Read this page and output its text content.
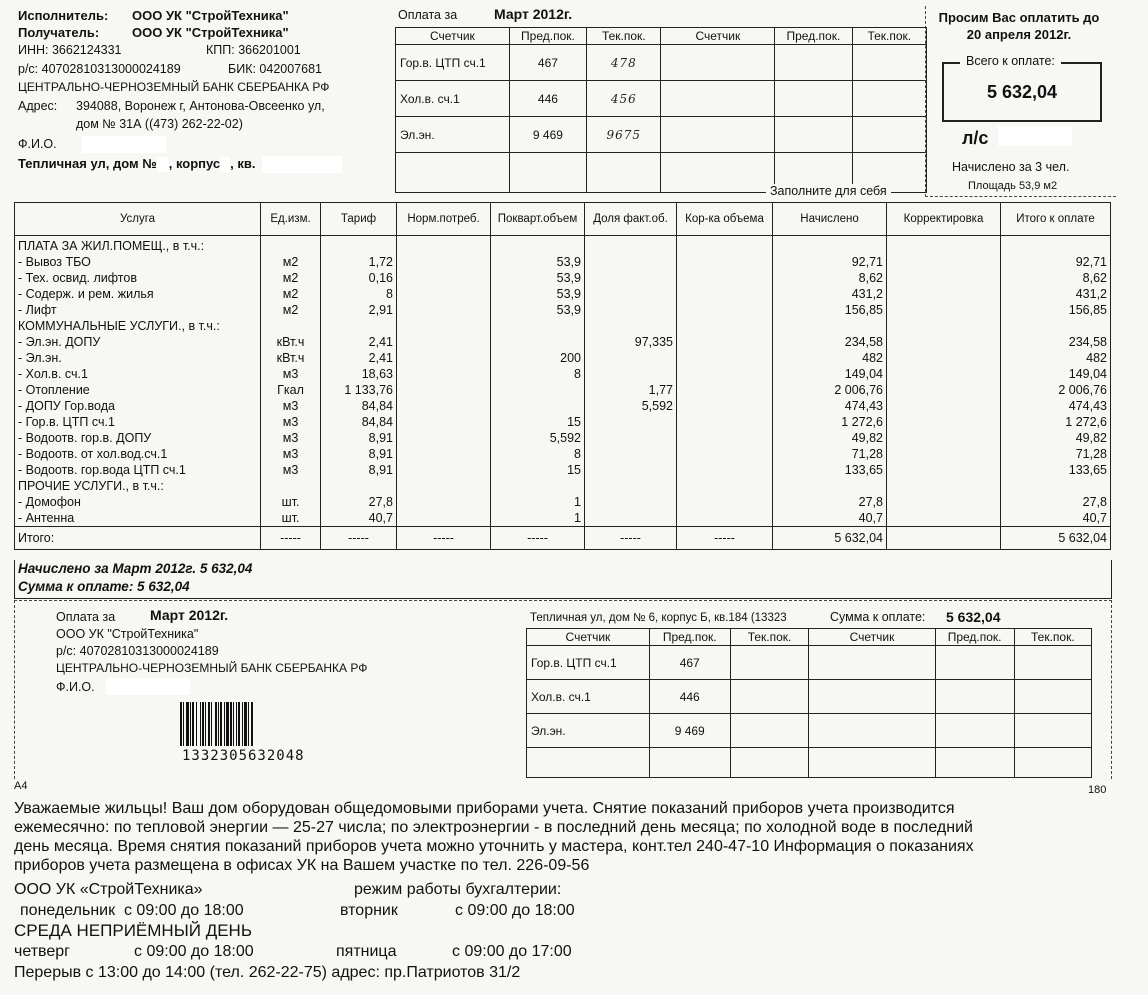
Исполнитель: ООО УК "СтройТехника"
Получатель:	ООО УК "СтройТехника"
ИНН: 3662124331	КПП: 366201001
р/с: 40702810313000024189	БИК: 042007681
ЦЕНТРАЛЬНО-ЧЕРНОЗЕМНЫЙ БАНК СБЕРБАНКА РФ
Адрес: 394088, Воронеж г, Антонова-Овсеенко ул,
дом № 31А ((473) 262-22-02)
Ф.И.О.
Тепличная ул, дом № , корпус , кв.
Оплата за	Март 2012г.
Счетчик	Пред.пок.	Тек.пок.	Счетчик	Пред.пок.	Тек.пок.
Гор.в. ЦТП сч.1	467	478			
Хол.в. сч.1	446	456			
Эл.эн.	9 469	9675			

Заполните для себя
Просим Вас оплатить до
20 апреля 2012г.
Всего к оплате:
5 632,04
л/с
Начислено за 3 чел.
Площадь 53,9 м2
Услуга	Ед.изм.	Тариф	Норм.потреб.	Покварт.объем	Доля факт.об.	Кор-ка объема	Начислено	Корректировка	Итого к оплате
ПЛАТА ЗА ЖИЛ.ПОМЕЩ., в т.ч.:									
- Вывоз ТБО	м2	1,72		53,9			92,71		92,71
- Тех. освид. лифтов	м2	0,16		53,9			8,62		8,62
- Содерж. и рем. жилья	м2	8		53,9			431,2		431,2
- Лифт	м2	2,91		53,9			156,85		156,85
КОММУНАЛЬНЫЕ УСЛУГИ., в т.ч.:									
- Эл.эн. ДОПУ	кВт.ч	2,41			97,335		234,58		234,58
- Эл.эн.	кВт.ч	2,41		200			482		482
- Хол.в. сч.1	м3	18,63		8			149,04		149,04
- Отопление	Гкал	1 133,76			1,77		2 006,76		2 006,76
- ДОПУ Гор.вода	м3	84,84			5,592		474,43		474,43
- Гор.в. ЦТП сч.1	м3	84,84		15			1 272,6		1 272,6
- Водоотв. гор.в. ДОПУ	м3	8,91		5,592			49,82		49,82
- Водоотв. от хол.вод.сч.1	м3	8,91		8			71,28		71,28
- Водоотв. гор.вода ЦТП сч.1	м3	8,91		15			133,65		133,65
ПРОЧИЕ УСЛУГИ., в т.ч.:									
- Домофон	шт.	27,8		1			27,8		27,8
- Антенна	шт.	40,7		1			40,7		40,7
Итого:	-----	-----	-----	-----	-----	-----	5 632,04		5 632,04
Начислено за Март 2012г. 5 632,04
Сумма к оплате: 5 632,04
Оплата за Март 2012г.
ООО УК "СтройТехника"
р/с: 40702810313000024189
ЦЕНТРАЛЬНО-ЧЕРНОЗЕМНЫЙ БАНК СБЕРБАНКА РФ
Ф.И.О.
1332305632048
Тепличная ул, дом № 6, корпус Б, кв.184 (13323	Сумма к оплате: 5 632,04
Счетчик	Пред.пок.	Тек.пок.	Счетчик	Пред.пок.	Тек.пок.
Гор.в. ЦТП сч.1	467				
Хол.в. сч.1	446				
Эл.эн.	9 469				

А4	180

Уважаемые жильцы! Ваш дом оборудован общедомовыми приборами учета. Снятие показаний приборов учета производится

ежемесячно: по тепловой энергии — 25-27 числа; по электроэнергии - в последний день месяца; по холодной воде в последний

день месяца. Время снятия показаний приборов учета можно уточнить у мастера, конт.тел 240-47-10 Информация о показаниях

приборов учета размещена в офисах УК на Вашем участке по тел. 226-09-56

ООО УК «СтройТехника»	режим работы бухгалтерии:
понедельник  с 09:00 до 18:00	вторник	с 09:00 до 18:00
СРЕДА НЕПРИЁМНЫЙ ДЕНЬ
четверг	с 09:00 до 18:00	пятница	с 09:00 до 17:00
Перерыв с 13:00 до 14:00 (тел. 262-22-75) адрес: пр.Патриотов 31/2
